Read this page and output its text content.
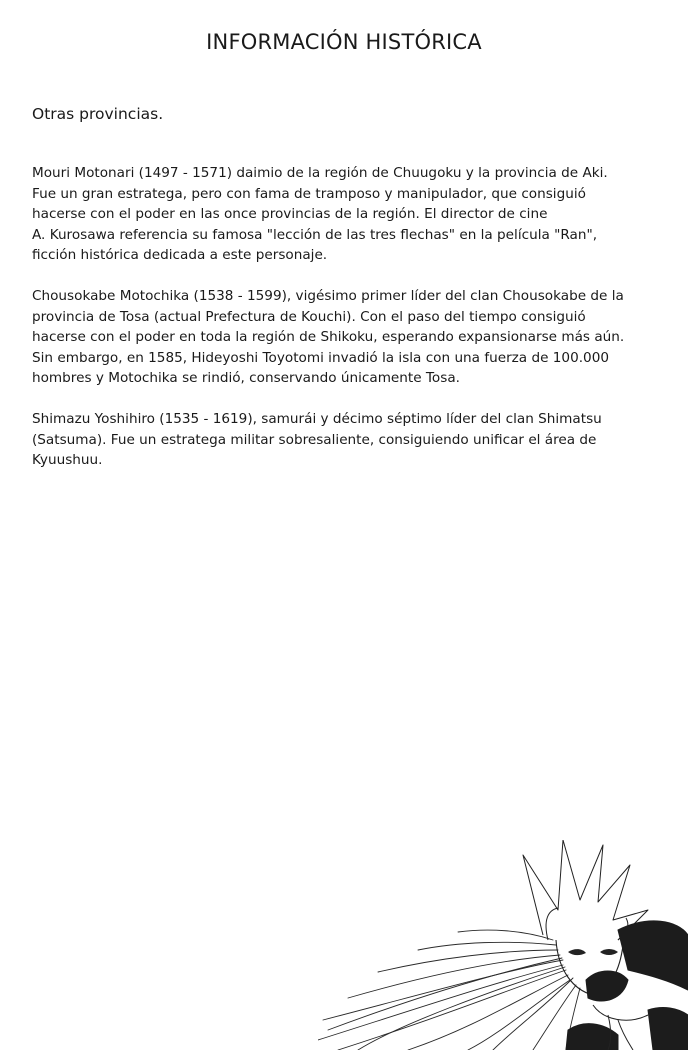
INFORMACIÓN HISTÓRICA

Otras provincias.

Mouri Motonari (1497 - 1571) daimio de la región de Chuugoku y la provincia de Aki.
Fue un gran estratega, pero con fama de tramposo y manipulador, que consiguió
hacerse con el poder en las once provincias de la región. El director de cine
A. Kurosawa referencia su famosa "lección de las tres flechas" en la película "Ran",
ficción histórica dedicada a este personaje.

Chousokabe Motochika (1538 - 1599), vigésimo primer líder del clan Chousokabe de la
provincia de Tosa (actual Prefectura de Kouchi). Con el paso del tiempo consiguió
hacerse con el poder en toda la región de Shikoku, esperando expansionarse más aún.
Sin embargo, en 1585, Hideyoshi Toyotomi invadió la isla con una fuerza de 100.000
hombres y Motochika se rindió, conservando únicamente Tosa.

Shimazu Yoshihiro (1535 - 1619), samurái y décimo séptimo líder del clan Shimatsu
(Satsuma). Fue un estratega militar sobresaliente, consiguiendo unificar el área de
Kyuushuu.
